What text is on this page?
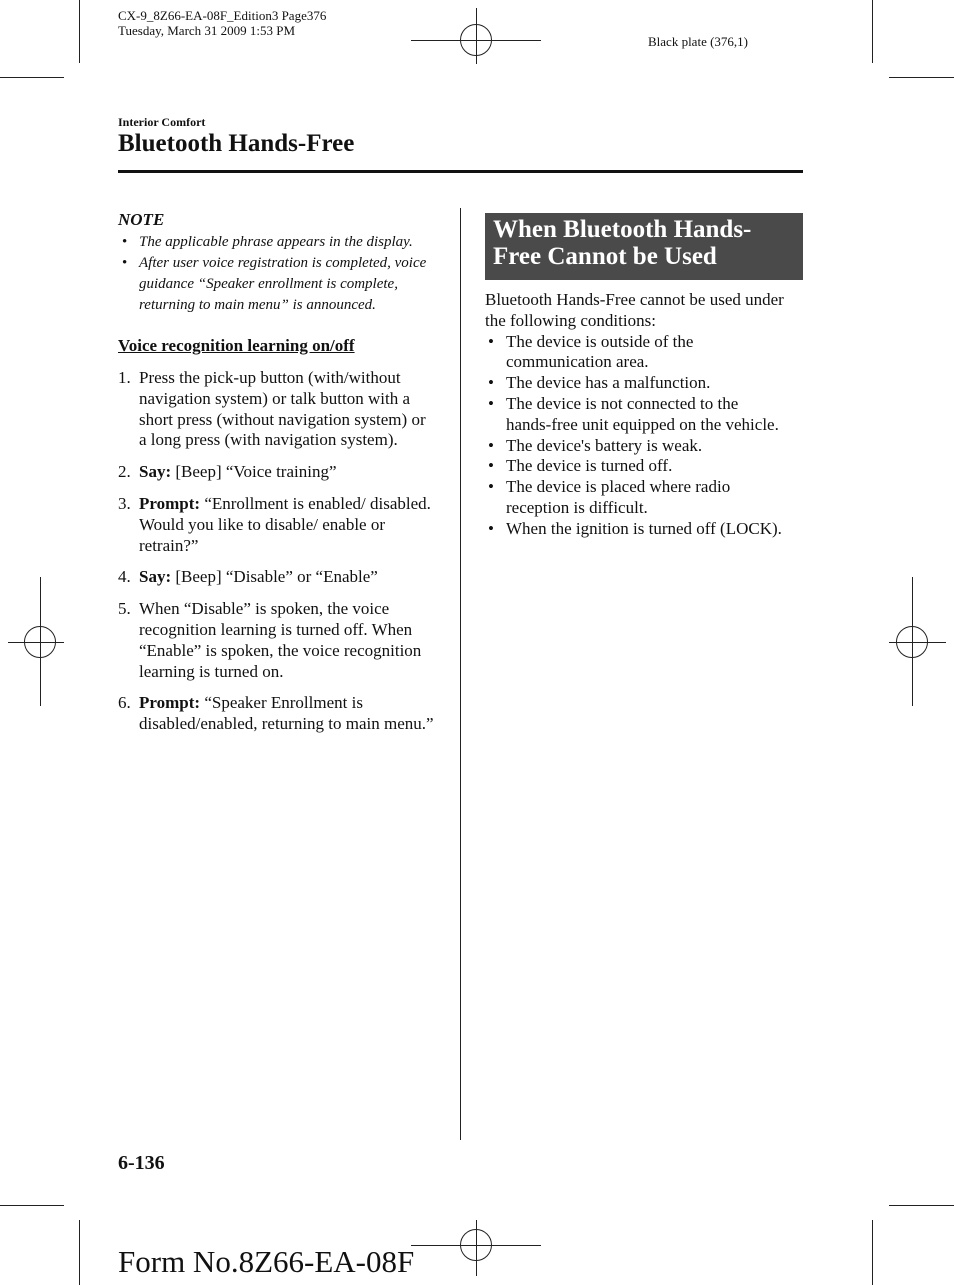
CX-9_8Z66-EA-08F_Edition3 Page376
Tuesday, March 31 2009 1:53 PM
Black plate (376,1)
Interior Comfort
Bluetooth Hands-Free
NOTE

• The applicable phrase appears in the display.

• After user voice registration is completed, voice guidance “Speaker enrollment is complete, returning to main menu” is announced.

Voice recognition learning on/off
1. Press the pick-up button (with/without navigation system) or talk button with a short press (without navigation system) or a long press (with navigation system).
2. Say: [Beep] “Voice training”
3. Prompt: “Enrollment is enabled/ disabled. Would you like to disable/ enable or retrain?”
4. Say: [Beep] “Disable” or “Enable”
5. When “Disable” is spoken, the voice recognition learning is turned off. When “Enable” is spoken, the voice recognition learning is turned on.
6. Prompt: “Speaker Enrollment is disabled/enabled, returning to main menu.”
When Bluetooth Hands-Free Cannot be Used
Bluetooth Hands-Free cannot be used under the following conditions:

• The device is outside of the communication area.

• The device has a malfunction.

• The device is not connected to the hands-free unit equipped on the vehicle.

• The device's battery is weak.

• The device is turned off.

• The device is placed where radio reception is difficult.

• When the ignition is turned off (LOCK).

6-136
Form No.8Z66-EA-08F
